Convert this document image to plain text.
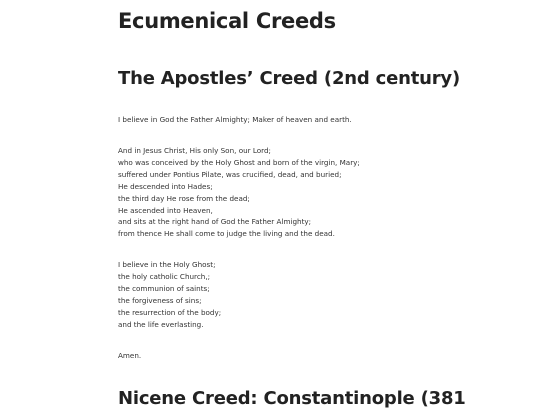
Ecumenical Creeds
The Apostles’ Creed (2nd century)

I believe in God the Father Almighty; Maker of heaven and earth.

And in Jesus Christ, His only Son, our Lord;
who was conceived by the Holy Ghost and born of the virgin, Mary;
suffered under Pontius Pilate, was crucified, dead, and buried;
He descended into Hades;
the third day He rose from the dead;
He ascended into Heaven,
and sits at the right hand of God the Father Almighty;
from thence He shall come to judge the living and the dead.

I believe in the Holy Ghost;
the holy catholic Church,;
the communion of saints;
the forgiveness of sins;
the resurrection of the body;
and the life everlasting.

Amen.

Nicene Creed: Constantinople (381
